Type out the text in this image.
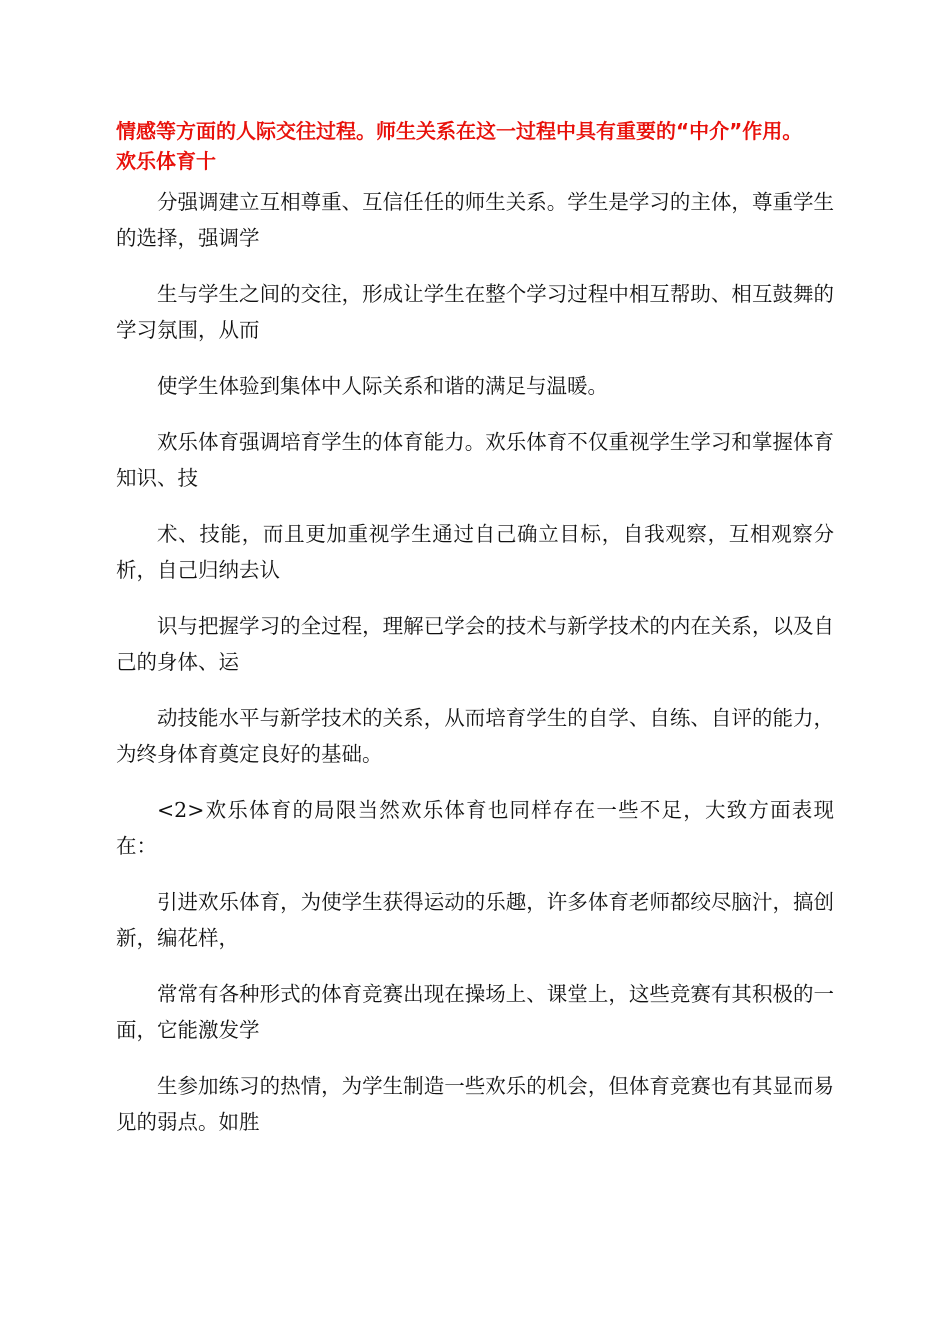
情感等方面的人际交往过程。师生关系在这一过程中具有重要的“中介”作用。欢乐体育十

分强调建立互相尊重、互信任任的师生关系。学生是学习的主体，尊重学生的选择，强调学

生与学生之间的交往，形成让学生在整个学习过程中相互帮助、相互鼓舞的学习氛围，从而

使学生体验到集体中人际关系和谐的满足与温暖。

欢乐体育强调培育学生的体育能力。欢乐体育不仅重视学生学习和掌握体育知识、技

术、技能，而且更加重视学生通过自己确立目标，自我观察，互相观察分析，自己归纳去认

识与把握学习的全过程，理解已学会的技术与新学技术的内在关系，以及自己的身体、运

动技能水平与新学技术的关系，从而培育学生的自学、自练、自评的能力，为终身体育奠定良好的基础。

<2>欢乐体育的局限当然欢乐体育也同样存在一些不足，大致方面表现在：

引进欢乐体育，为使学生获得运动的乐趣，许多体育老师都绞尽脑汁，搞创新，编花样，

常常有各种形式的体育竞赛出现在操场上、课堂上，这些竞赛有其积极的一面，它能激发学

生参加练习的热情，为学生制造一些欢乐的机会，但体育竞赛也有其显而易见的弱点。如胜
